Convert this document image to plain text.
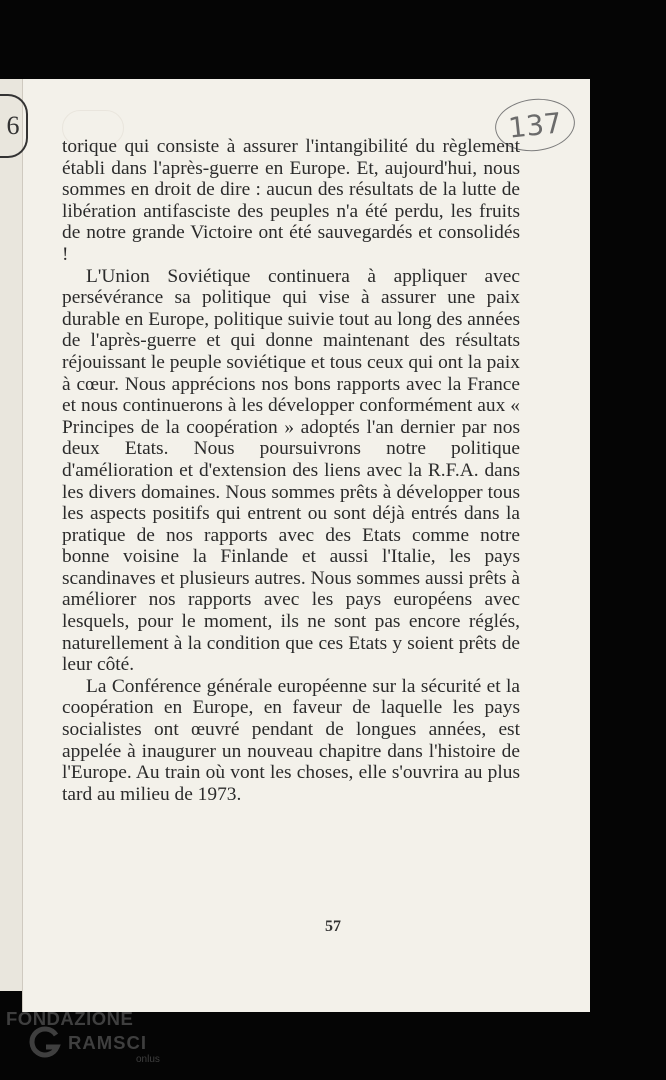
6	137

torique qui consiste à assurer l'intangibilité du règlement établi dans l'après-guerre en Europe. Et, aujourd'hui, nous sommes en droit de dire : aucun des résultats de la lutte de libération antifasciste des peuples n'a été perdu, les fruits de notre grande Victoire ont été sauvegardés et consolidés !

L'Union Soviétique continuera à appliquer avec persévérance sa politique qui vise à assurer une paix durable en Europe, politique suivie tout au long des années de l'après-guerre et qui donne maintenant des résultats réjouissant le peuple soviétique et tous ceux qui ont la paix à cœur. Nous apprécions nos bons rapports avec la France et nous continuerons à les développer conformément aux « Principes de la coopération » adoptés l'an dernier par nos deux Etats. Nous poursuivrons notre politique d'amélioration et d'extension des liens avec la R.F.A. dans les divers domaines. Nous sommes prêts à développer tous les aspects positifs qui entrent ou sont déjà entrés dans la pratique de nos rapports avec des Etats comme notre bonne voisine la Finlande et aussi l'Italie, les pays scandinaves et plusieurs autres. Nous sommes aussi prêts à améliorer nos rapports avec les pays européens avec lesquels, pour le moment, ils ne sont pas encore réglés, naturellement à la condition que ces Etats y soient prêts de leur côté.

La Conférence générale européenne sur la sécurité et la coopération en Europe, en faveur de laquelle les pays socialistes ont œuvré pendant de longues années, est appelée à inaugurer un nouveau chapitre dans l'histoire de l'Europe. Au train où vont les choses, elle s'ouvrira au plus tard au milieu de 1973.

57
FONDAZIONE
RAMSCI
onlus
